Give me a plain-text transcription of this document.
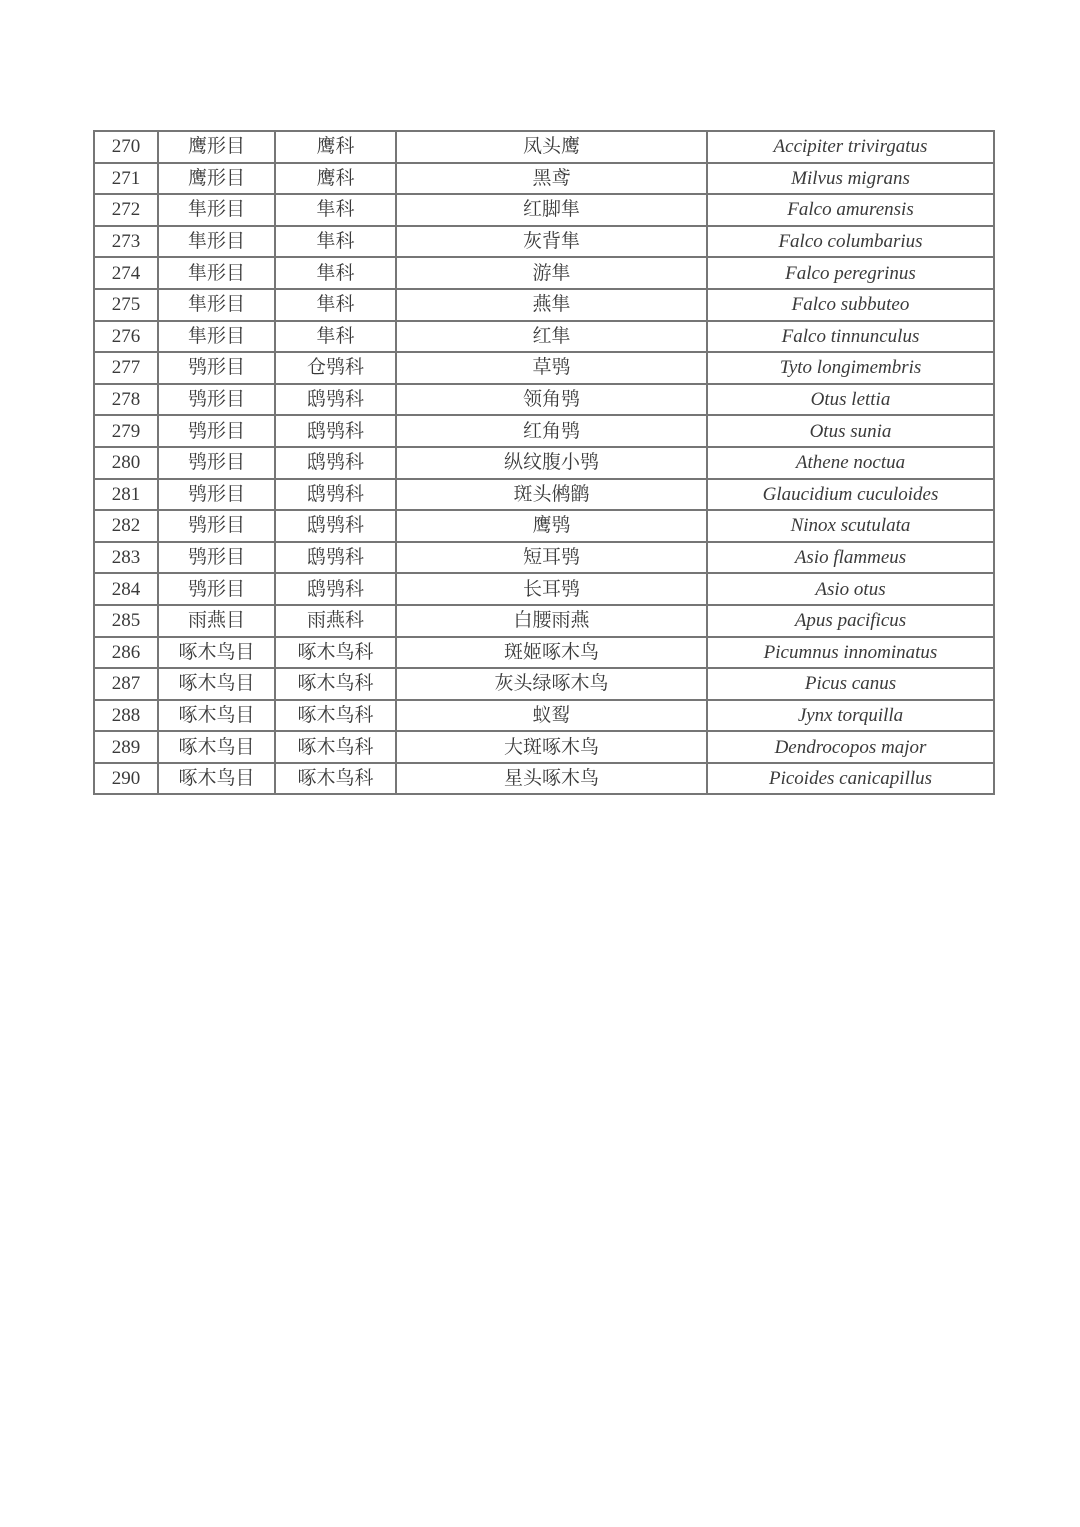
270	鹰形目	鹰科	凤头鹰	Accipiter trivirgatus
271	鹰形目	鹰科	黑鸢	Milvus migrans
272	隼形目	隼科	红脚隼	Falco amurensis
273	隼形目	隼科	灰背隼	Falco columbarius
274	隼形目	隼科	游隼	Falco peregrinus
275	隼形目	隼科	燕隼	Falco subbuteo
276	隼形目	隼科	红隼	Falco tinnunculus
277	鸮形目	仓鸮科	草鸮	Tyto longimembris
278	鸮形目	鸱鸮科	领角鸮	Otus lettia
279	鸮形目	鸱鸮科	红角鸮	Otus sunia
280	鸮形目	鸱鸮科	纵纹腹小鸮	Athene noctua
281	鸮形目	鸱鸮科	斑头鸺鹠	Glaucidium cuculoides
282	鸮形目	鸱鸮科	鹰鸮	Ninox scutulata
283	鸮形目	鸱鸮科	短耳鸮	Asio flammeus
284	鸮形目	鸱鸮科	长耳鸮	Asio otus
285	雨燕目	雨燕科	白腰雨燕	Apus pacificus
286	啄木鸟目	啄木鸟科	斑姬啄木鸟	Picumnus innominatus
287	啄木鸟目	啄木鸟科	灰头绿啄木鸟	Picus canus
288	啄木鸟目	啄木鸟科	蚁䴕	Jynx torquilla
289	啄木鸟目	啄木鸟科	大斑啄木鸟	Dendrocopos major
290	啄木鸟目	啄木鸟科	星头啄木鸟	Picoides canicapillus
